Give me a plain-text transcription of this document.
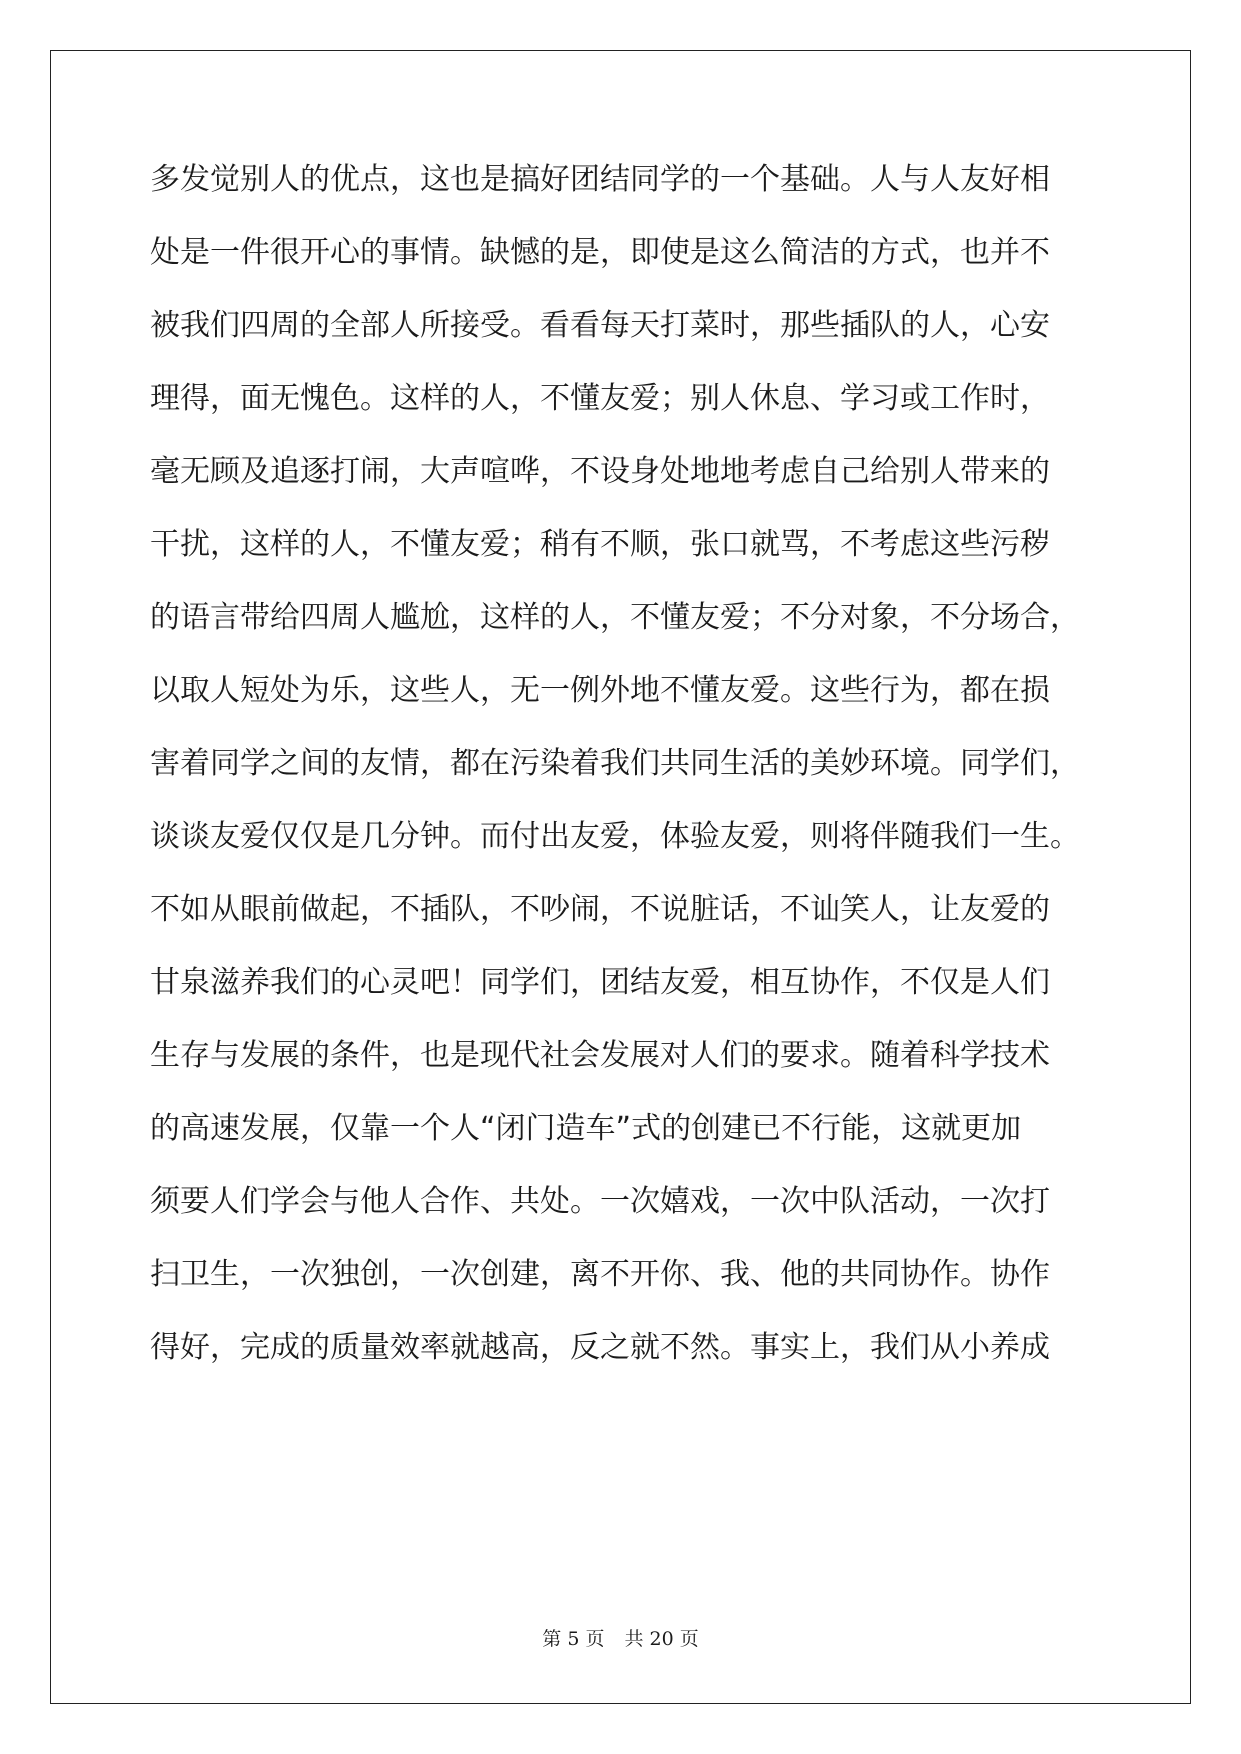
多发觉别人的优点，这也是搞好团结同学的一个基础。人与人友好相
处是一件很开心的事情。缺憾的是，即使是这么简洁的方式，也并不
被我们四周的全部人所接受。看看每天打菜时，那些插队的人，心安
理得，面无愧色。这样的人，不懂友爱；别人休息、学习或工作时，
毫无顾及追逐打闹，大声喧哗，不设身处地地考虑自己给别人带来的
干扰，这样的人，不懂友爱；稍有不顺，张口就骂，不考虑这些污秽
的语言带给四周人尴尬，这样的人，不懂友爱；不分对象，不分场合，
以取人短处为乐，这些人，无一例外地不懂友爱。这些行为，都在损
害着同学之间的友情，都在污染着我们共同生活的美妙环境。同学们，
谈谈友爱仅仅是几分钟。而付出友爱，体验友爱，则将伴随我们一生。
不如从眼前做起，不插队，不吵闹，不说脏话，不讪笑人，让友爱的
甘泉滋养我们的心灵吧！同学们，团结友爱，相互协作，不仅是人们
生存与发展的条件，也是现代社会发展对人们的要求。随着科学技术
的高速发展，仅靠一个人“闭门造车”式的创建已不行能，这就更加
须要人们学会与他人合作、共处。一次嬉戏，一次中队活动，一次打
扫卫生，一次独创，一次创建，离不开你、我、他的共同协作。协作
得好，完成的质量效率就越高，反之就不然。事实上，我们从小养成
第 5 页 共 20 页
